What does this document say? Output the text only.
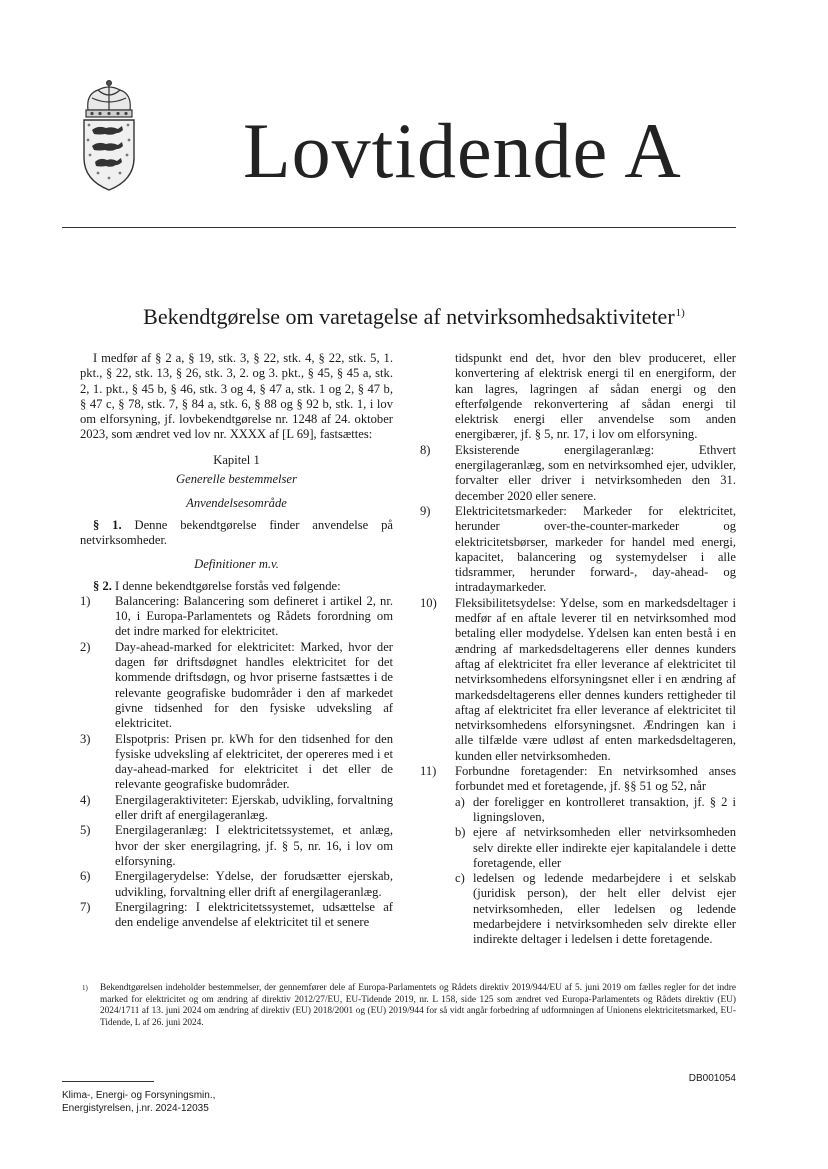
Lovtidende A
Bekendtgørelse om varetagelse af netvirksomhedsaktiviteter$^{1)}$

I medfør af § 2 a, § 19, stk. 3, § 22, stk. 4, § 22, stk. 5, 1. pkt., § 22, stk. 13, § 26, stk. 3, 2. og 3. pkt., § 45, § 45 a, stk. 2, 1. pkt., § 45 b, § 46, stk. 3 og 4, § 47 a, stk. 1 og 2, § 47 b, § 47 c, § 78, stk. 7, § 84 a, stk. 6, § 88 og § 92 b, stk. 1, i lov om elforsyning, jf. lovbekendtgørelse nr. 1248 af 24. oktober 2023, som ændret ved lov nr. XXXX af [L 69], fastsættes:

Kapitel 1

Generelle bestemmelser

Anvendelsesområde

§ 1. Denne bekendtgørelse finder anvendelse på netvirksomheder.

Definitioner m.v.

§ 2. I denne bekendtgørelse forstås ved følgende:

1) Balancering: Balancering som defineret i artikel 2, nr. 10, i Europa-Parlamentets og Rådets forordning om det indre marked for elektricitet.
2) Day-ahead-marked for elektricitet: Marked, hvor der dagen før driftsdøgnet handles elektricitet for det kommende driftsdøgn, og hvor priserne fastsættes i de relevante geografiske budområder i den af markedet givne tidsenhed for den fysiske udveksling af elektricitet.
3) Elspotpris: Prisen pr. kWh for den tidsenhed for den fysiske udveksling af elektricitet, der opereres med i et day-ahead-marked for elektricitet i det eller de relevante geografiske budområder.
4) Energilageraktiviteter: Ejerskab, udvikling, forvaltning eller drift af energilageranlæg.
5) Energilageranlæg: I elektricitetssystemet, et anlæg, hvor der sker energilagring, jf. § 5, nr. 16, i lov om elforsyning.
6) Energilagerydelse: Ydelse, der forudsætter ejerskab, udvikling, forvaltning eller drift af energilageranlæg.
7) Energilagring: I elektricitetssystemet, udsættelse af den endelige anvendelse af elektricitet til et senere
tidspunkt end det, hvor den blev produceret, eller konvertering af elektrisk energi til en energiform, der kan lagres, lagringen af sådan energi og den efterfølgende rekonvertering af sådan energi til elektrisk energi eller anvendelse som anden energibærer, jf. § 5, nr. 17, i lov om elforsyning.
8) Eksisterende energilageranlæg: Ethvert energilageranlæg, som en netvirksomhed ejer, udvikler, forvalter eller driver i netvirksomheden den 31. december 2020 eller senere.
9) Elektricitetsmarkeder: Markeder for elektricitet, herunder over-the-counter-markeder og elektricitetsbørser, markeder for handel med energi, kapacitet, balancering og systemydelser i alle tidsrammer, herunder forward-, day-ahead- og intradaymarkeder.
10) Fleksibilitetsydelse: Ydelse, som en markedsdeltager i medfør af en aftale leverer til en netvirksomhed mod betaling eller modydelse. Ydelsen kan enten bestå i en ændring af markedsdeltagerens eller dennes kunders aftag af elektricitet fra eller leverance af elektricitet til netvirksomhedens elforsyningsnet eller i en ændring af markedsdeltagerens eller dennes kunders rettigheder til aftag af elektricitet fra eller leverance af elektricitet til netvirksomhedens elforsyningsnet. Ændringen kan i alle tilfælde være udløst af enten markedsdeltageren, kunden eller netvirksomheden.
11) Forbundne foretagender: En netvirksomhed anses forbundet med et foretagende, jf. §§ 51 og 52, når
a) der foreligger en kontrolleret transaktion, jf. § 2 i ligningsloven,
b) ejere af netvirksomheden eller netvirksomheden selv direkte eller indirekte ejer kapitalandele i dette foretagende, eller
c) ledelsen og ledende medarbejdere i et selskab (juridisk person), der helt eller delvist ejer netvirksomheden, eller ledelsen og ledende medarbejdere i netvirksomheden selv direkte eller indirekte deltager i ledelsen i dette foretagende.
1) Bekendtgørelsen indeholder bestemmelser, der gennemfører dele af Europa-Parlamentets og Rådets direktiv 2019/944/EU af 5. juni 2019 om fælles regler for det indre marked for elektricitet og om ændring af direktiv 2012/27/EU, EU-Tidende 2019, nr. L 158, side 125 som ændret ved Europa-Parlamentets og Rådets direktiv (EU) 2024/1711 af 13. juni 2024 om ændring af direktiv (EU) 2018/2001 og (EU) 2019/944 for så vidt angår forbedring af udformningen af Unionens elektricitetsmarked, EU-Tidende, L af 26. juni 2024.
DB001054
Klima-, Energi- og Forsyningsmin.,
Energistyrelsen, j.nr. 2024-12035
